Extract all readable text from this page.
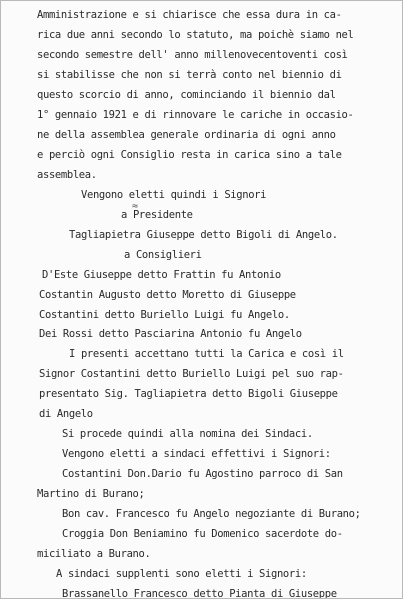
Amministrazione e si chiarisce che essa dura in ca-
rica due anni secondo lo statuto, ma poichè siamo nel
secondo semestre dell' anno millenovecentoventi così
si stabilisse che non si terrà conto nel biennio di
questo scorcio di anno, cominciando il biennio dal
1° gennaio 1921 e di rinnovare le cariche in occasio-
ne della assemblea generale ordinaria di ogni anno
e perciò ogni Consiglio resta in carica sino a tale
assemblea.
Vengono eletti quindi i Signori
≈
a Presidente
Tagliapietra Giuseppe detto Bigoli di Angelo.
a Consiglieri
D'Este Giuseppe detto Frattin fu Antonio
Costantin Augusto detto Moretto di Giuseppe
Costantini detto Buriello Luigi fu Angelo.
Dei Rossi detto Pasciarina Antonio fu Angelo
I presenti accettano tutti la Carica e così il
Signor Costantini detto Buriello Luigi pel suo rap-
presentato Sig. Tagliapietra detto Bigoli Giuseppe
di Angelo
Si procede quindi alla nomina dei Sindaci.
Vengono eletti a sindaci effettivi i Signori:
Costantini Don.Dario fu Agostino parroco di San
Martino di Burano;
Bon cav. Francesco fu Angelo negoziante di Burano;
Croggia Don Beniamino fu Domenico sacerdote do-
miciliato a Burano.
A sindaci supplenti sono eletti i Signori:
Brassanello Francesco detto Pianta di Giuseppe
